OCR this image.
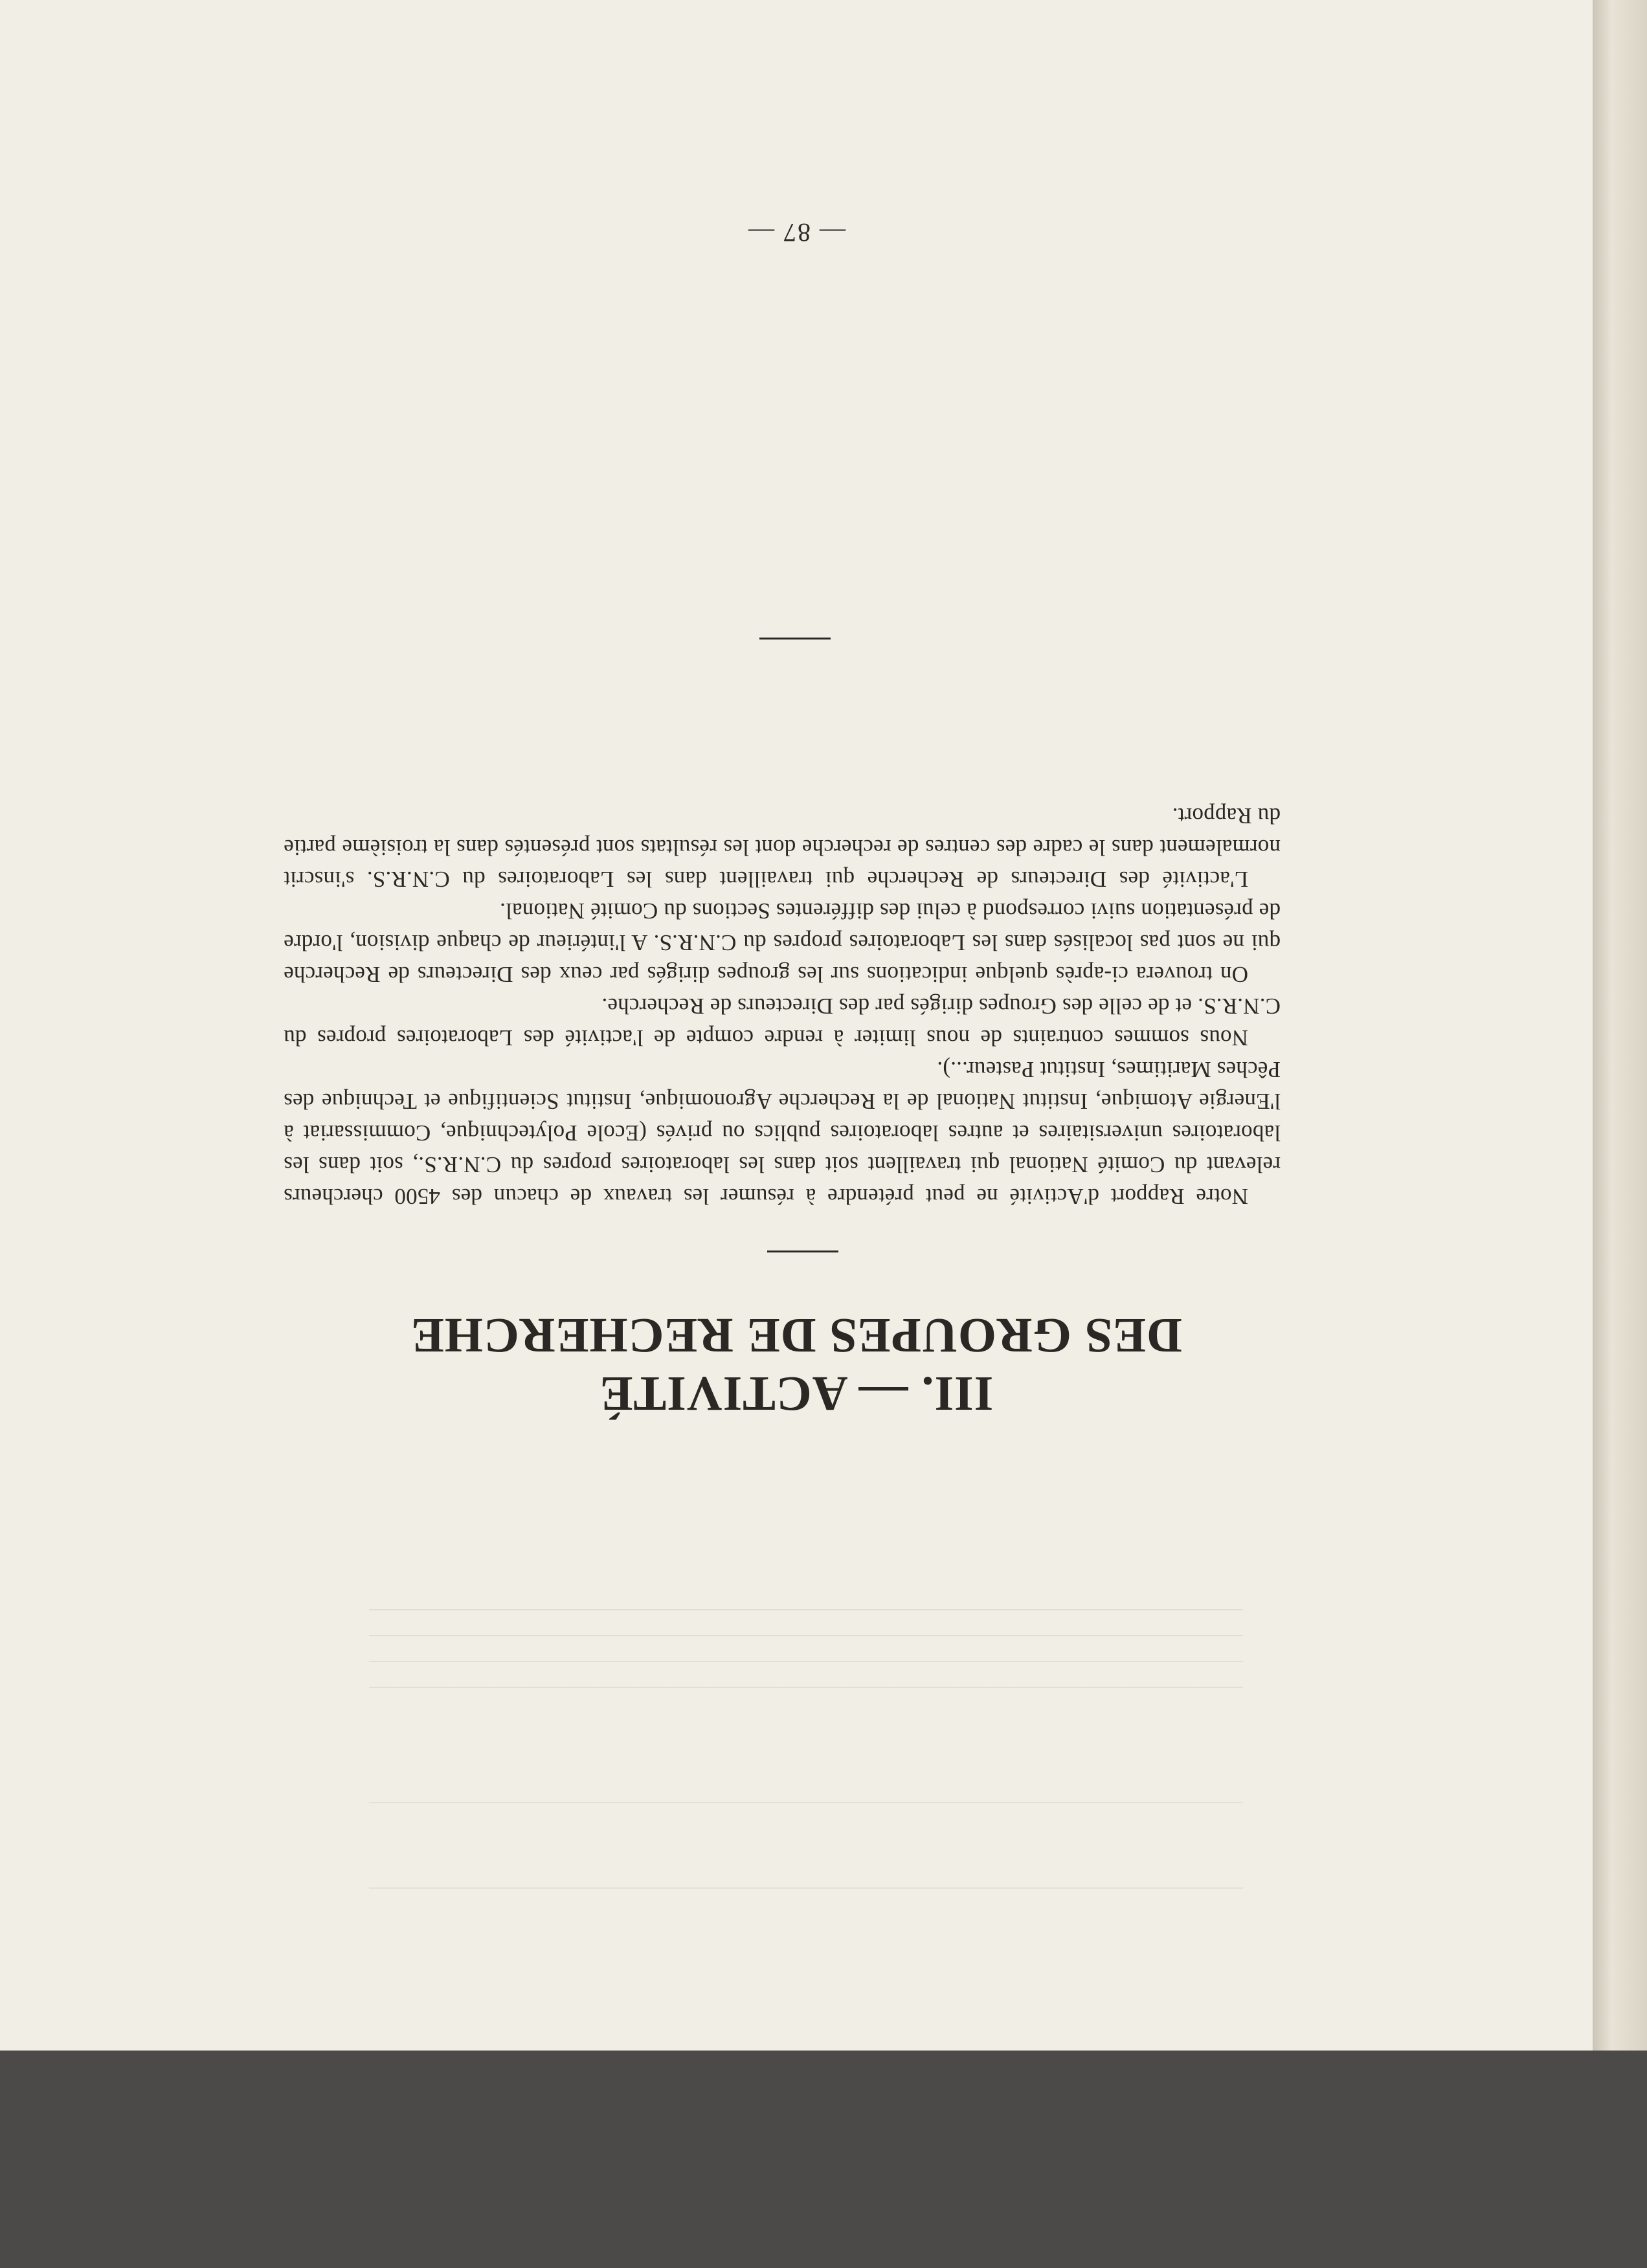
— 87 —
III. — ACTIVITÉ
DES GROUPES DE RECHERCHE

Notre Rapport d'Activité ne peut prétendre à résumer les travaux de chacun des 4500 chercheurs relevant du Comité National qui travaillent soit dans les laboratoires propres du C.N.R.S., soit dans les laboratoires universitaires et autres laboratoires publics ou privés (Ecole Polytechnique, Commissariat à l'Energie Atomique, Institut National de la Recherche Agronomique, Institut Scientifique et Technique des Pêches Maritimes, Institut Pasteur...).

Nous sommes contraints de nous limiter à rendre compte de l'activité des Laboratoires propres du C.N.R.S. et de celle des Groupes dirigés par des Directeurs de Recherche.

On trouvera ci-après quelque indications sur les groupes dirigés par ceux des Directeurs de Recherche qui ne sont pas localisés dans les Laboratoires propres du C.N.R.S. A l'intérieur de chaque division, l'ordre de présentation suivi correspond à celui des différentes Sections du Comité National.

L'activité des Directeurs de Recherche qui travaillent dans les Laboratoires du C.N.R.S. s'inscrit normalement dans le cadre des centres de recherche dont les résultats sont présentés dans la troisième partie du Rapport.
